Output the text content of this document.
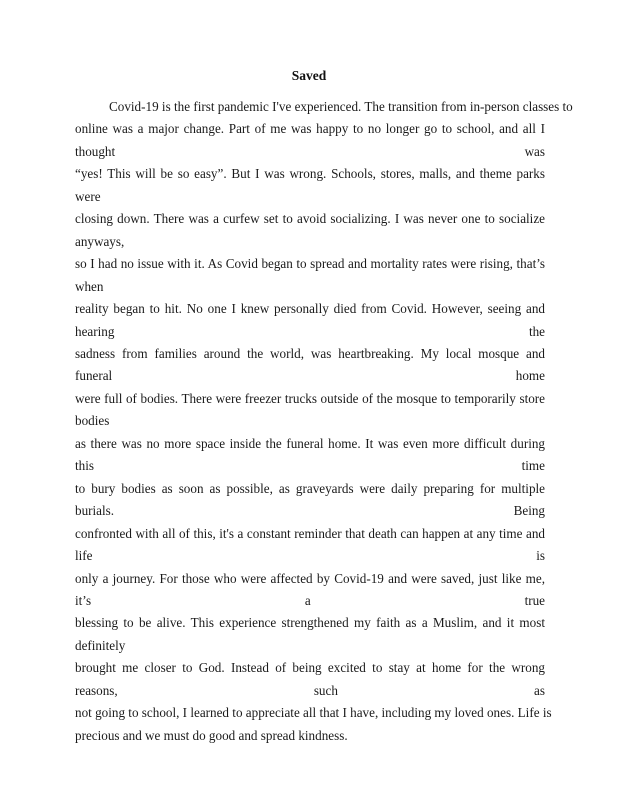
Saved
Covid-19 is the first pandemic I've experienced. The transition from in-person classes to
online was a major change. Part of me was happy to no longer go to school, and all I thought was
“yes! This will be so easy”. But I was wrong. Schools, stores, malls, and theme parks were
closing down. There was a curfew set to avoid socializing. I was never one to socialize anyways,
so I had no issue with it. As Covid began to spread and mortality rates were rising, that’s when
reality began to hit. No one I knew personally died from Covid. However, seeing and hearing the
sadness from families around the world, was heartbreaking. My local mosque and funeral home
were full of bodies. There were freezer trucks outside of the mosque to temporarily store bodies
as there was no more space inside the funeral home. It was even more difficult during this time
to bury bodies as soon as possible, as graveyards were daily preparing for multiple burials. Being
confronted with all of this, it's a constant reminder that death can happen at any time and life is
only a journey. For those who were affected by Covid-19 and were saved, just like me, it’s a true
blessing to be alive. This experience strengthened my faith as a Muslim, and it most definitely
brought me closer to God. Instead of being excited to stay at home for the wrong reasons, such as
not going to school, I learned to appreciate all that I have, including my loved ones. Life is
precious and we must do good and spread kindness.
